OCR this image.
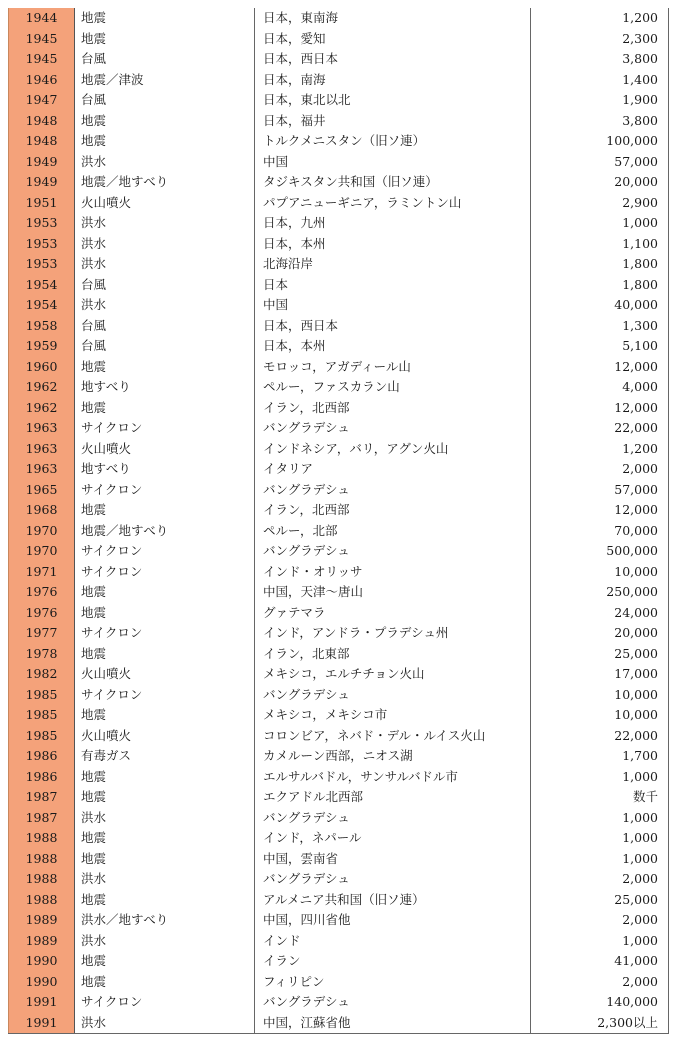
1944	地震	日本，東南海	1,200
1945	地震	日本，愛知	2,300
1945	台風	日本，西日本	3,800
1946	地震／津波	日本，南海	1,400
1947	台風	日本，東北以北	1,900
1948	地震	日本，福井	3,800
1948	地震	トルクメニスタン（旧ソ連）	100,000
1949	洪水	中国	57,000
1949	地震／地すべり	タジキスタン共和国（旧ソ連）	20,000
1951	火山噴火	パプアニューギニア，ラミントン山	2,900
1953	洪水	日本，九州	1,000
1953	洪水	日本，本州	1,100
1953	洪水	北海沿岸	1,800
1954	台風	日本	1,800
1954	洪水	中国	40,000
1958	台風	日本，西日本	1,300
1959	台風	日本，本州	5,100
1960	地震	モロッコ，アガディール山	12,000
1962	地すべり	ペルー，ファスカラン山	4,000
1962	地震	イラン，北西部	12,000
1963	サイクロン	バングラデシュ	22,000
1963	火山噴火	インドネシア，バリ，アグン火山	1,200
1963	地すべり	イタリア	2,000
1965	サイクロン	バングラデシュ	57,000
1968	地震	イラン，北西部	12,000
1970	地震／地すべり	ペルー，北部	70,000
1970	サイクロン	バングラデシュ	500,000
1971	サイクロン	インド・オリッサ	10,000
1976	地震	中国，天津～唐山	250,000
1976	地震	グァテマラ	24,000
1977	サイクロン	インド，アンドラ・プラデシュ州	20,000
1978	地震	イラン，北東部	25,000
1982	火山噴火	メキシコ，エルチチョン火山	17,000
1985	サイクロン	バングラデシュ	10,000
1985	地震	メキシコ，メキシコ市	10,000
1985	火山噴火	コロンビア，ネバド・デル・ルイス火山	22,000
1986	有毒ガス	カメルーン西部，ニオス湖	1,700
1986	地震	エルサルバドル，サンサルバドル市	1,000
1987	地震	エクアドル北西部	数千
1987	洪水	バングラデシュ	1,000
1988	地震	インド，ネパール	1,000
1988	地震	中国，雲南省	1,000
1988	洪水	バングラデシュ	2,000
1988	地震	アルメニア共和国（旧ソ連）	25,000
1989	洪水／地すべり	中国，四川省他	2,000
1989	洪水	インド	1,000
1990	地震	イラン	41,000
1990	地震	フィリピン	2,000
1991	サイクロン	バングラデシュ	140,000
1991	洪水	中国，江蘇省他	2,300以上
